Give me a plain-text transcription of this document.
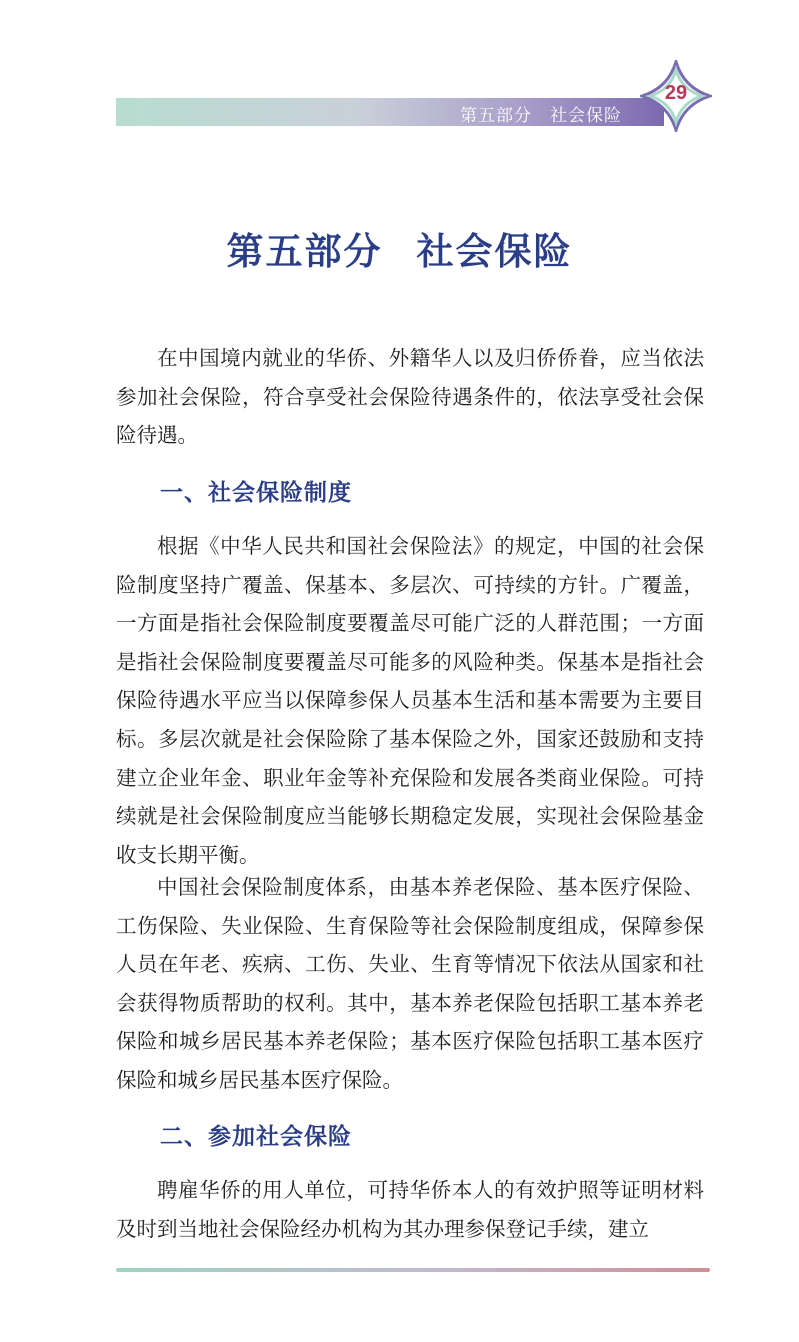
第五部分 社会保险
29
第五部分 社会保险

在中国境内就业的华侨、外籍华人以及归侨侨眷，应当依法参加社会保险，符合享受社会保险待遇条件的，依法享受社会保险待遇。

一、社会保险制度

根据《中华人民共和国社会保险法》的规定，中国的社会保险制度坚持广覆盖、保基本、多层次、可持续的方针。广覆盖，一方面是指社会保险制度要覆盖尽可能广泛的人群范围；一方面是指社会保险制度要覆盖尽可能多的风险种类。保基本是指社会保险待遇水平应当以保障参保人员基本生活和基本需要为主要目标。多层次就是社会保险除了基本保险之外，国家还鼓励和支持建立企业年金、职业年金等补充保险和发展各类商业保险。可持续就是社会保险制度应当能够长期稳定发展，实现社会保险基金收支长期平衡。

中国社会保险制度体系，由基本养老保险、基本医疗保险、工伤保险、失业保险、生育保险等社会保险制度组成，保障参保人员在年老、疾病、工伤、失业、生育等情况下依法从国家和社会获得物质帮助的权利。其中，基本养老保险包括职工基本养老保险和城乡居民基本养老保险；基本医疗保险包括职工基本医疗保险和城乡居民基本医疗保险。

二、参加社会保险

聘雇华侨的用人单位，可持华侨本人的有效护照等证明材料及时到当地社会保险经办机构为其办理参保登记手续，建立
